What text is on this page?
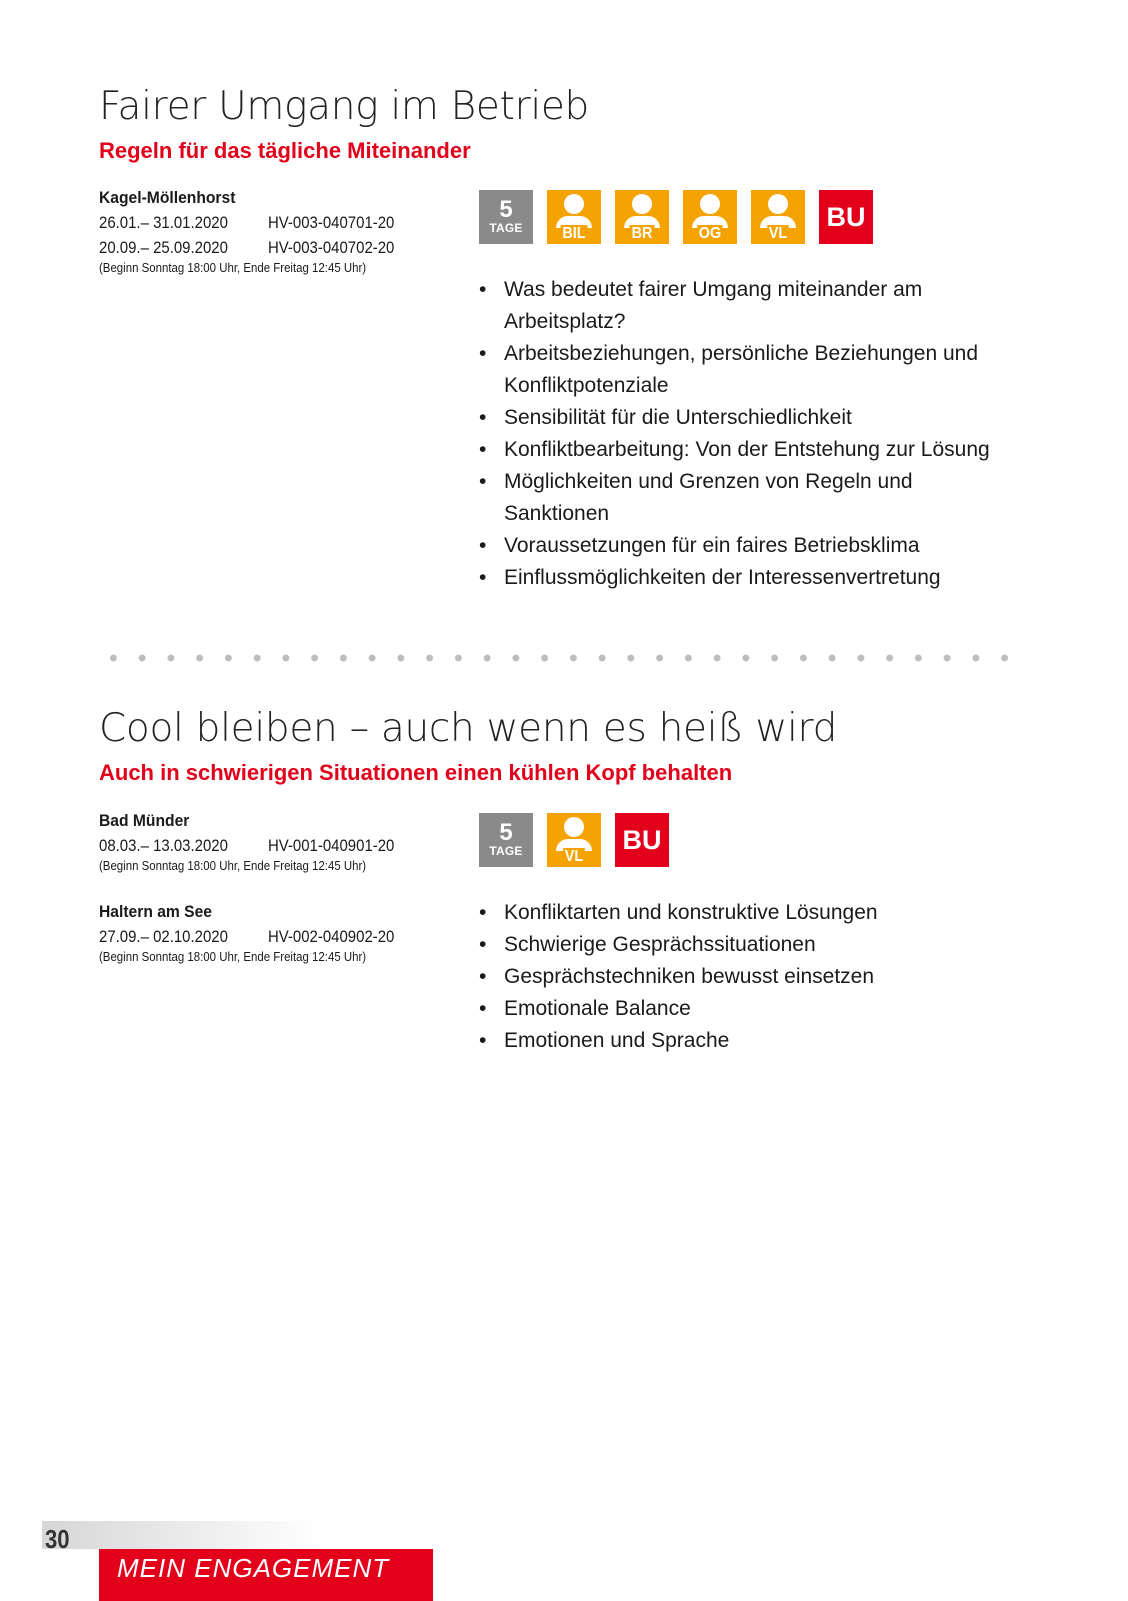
Fairer Umgang im Betrieb
Regeln für das tägliche Miteinander
Kagel-Möllenhorst
26.01.– 31.01.2020 HV-003-040701-20
20.09.– 25.09.2020 HV-003-040702-20
(Beginn Sonntag 18:00 Uhr, Ende Freitag 12:45 Uhr)
5
TAGE	BIL	BR	OG	VL
BU
• Was bedeutet fairer Umgang miteinander am Arbeitsplatz?
• Arbeitsbeziehungen, persönliche Beziehungen und Konfliktpotenziale
• Sensibilität für die Unterschiedlichkeit
• Konfliktbearbeitung: Von der Entstehung zur Lösung
• Möglichkeiten und Grenzen von Regeln und Sanktionen
• Voraussetzungen für ein faires Betriebsklima
• Einflussmöglichkeiten der Interessenvertretung
Cool bleiben – auch wenn es heiß wird
Auch in schwierigen Situationen einen kühlen Kopf behalten
Bad Münder
08.03.– 13.03.2020 HV-001-040901-20
(Beginn Sonntag 18:00 Uhr, Ende Freitag 12:45 Uhr)
Haltern am See
27.09.– 02.10.2020 HV-002-040902-20
(Beginn Sonntag 18:00 Uhr, Ende Freitag 12:45 Uhr)
5
TAGE	VL
BU
• Konfliktarten und konstruktive Lösungen
• Schwierige Gesprächssituationen
• Gesprächstechniken bewusst einsetzen
• Emotionale Balance
• Emotionen und Sprache
30
MEIN ENGAGEMENT
